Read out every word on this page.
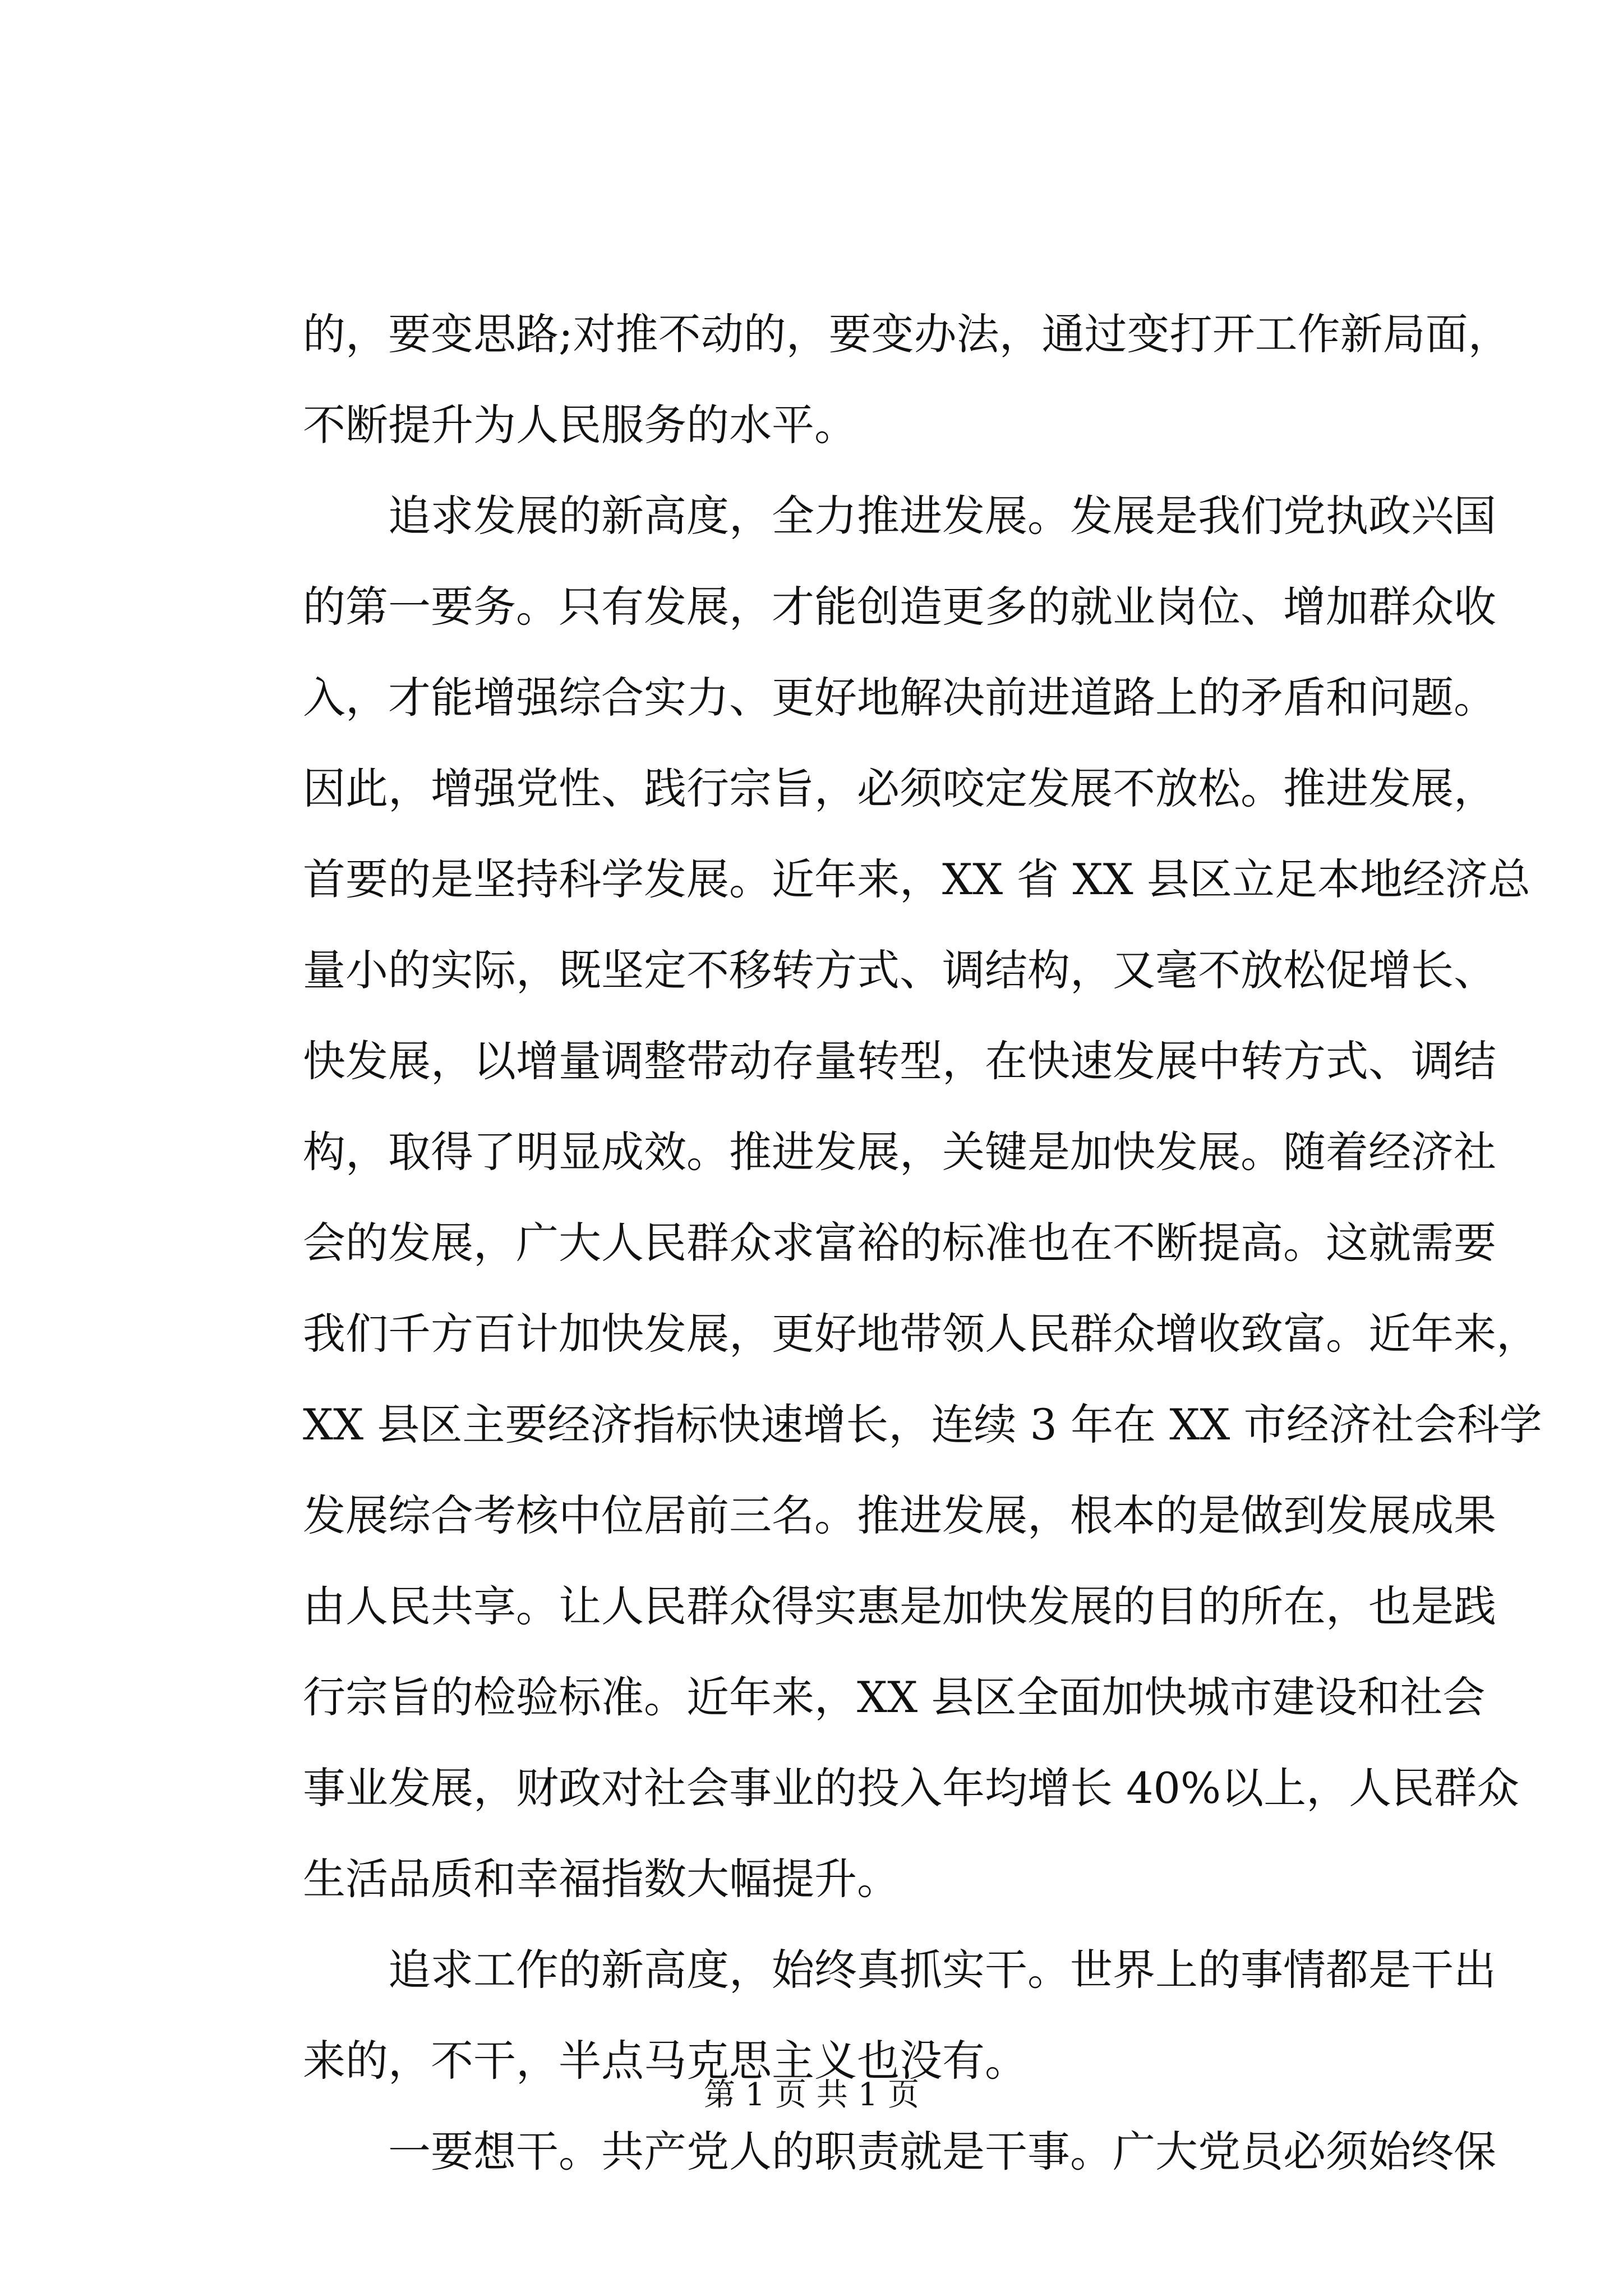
的，要变思路;对推不动的，要变办法，通过变打开工作新局面，
不断提升为人民服务的水平。
　　追求发展的新高度，全力推进发展。发展是我们党执政兴国
的第一要务。只有发展，才能创造更多的就业岗位、增加群众收
入，才能增强综合实力、更好地解决前进道路上的矛盾和问题。
因此，增强党性、践行宗旨，必须咬定发展不放松。推进发展，
首要的是坚持科学发展。近年来，XX 省 XX 县区立足本地经济总
量小的实际，既坚定不移转方式、调结构，又毫不放松促增长、
快发展，以增量调整带动存量转型，在快速发展中转方式、调结
构，取得了明显成效。推进发展，关键是加快发展。随着经济社
会的发展，广大人民群众求富裕的标准也在不断提高。这就需要
我们千方百计加快发展，更好地带领人民群众增收致富。近年来，
XX 县区主要经济指标快速增长，连续 3 年在 XX 市经济社会科学
发展综合考核中位居前三名。推进发展，根本的是做到发展成果
由人民共享。让人民群众得实惠是加快发展的目的所在，也是践
行宗旨的检验标准。近年来，XX 县区全面加快城市建设和社会
事业发展，财政对社会事业的投入年均增长 40%以上，人民群众
生活品质和幸福指数大幅提升。
　　追求工作的新高度，始终真抓实干。世界上的事情都是干出
来的，不干，半点马克思主义也没有。
　　一要想干。共产党人的职责就是干事。广大党员必须始终保
第 1 页 共 1 页
